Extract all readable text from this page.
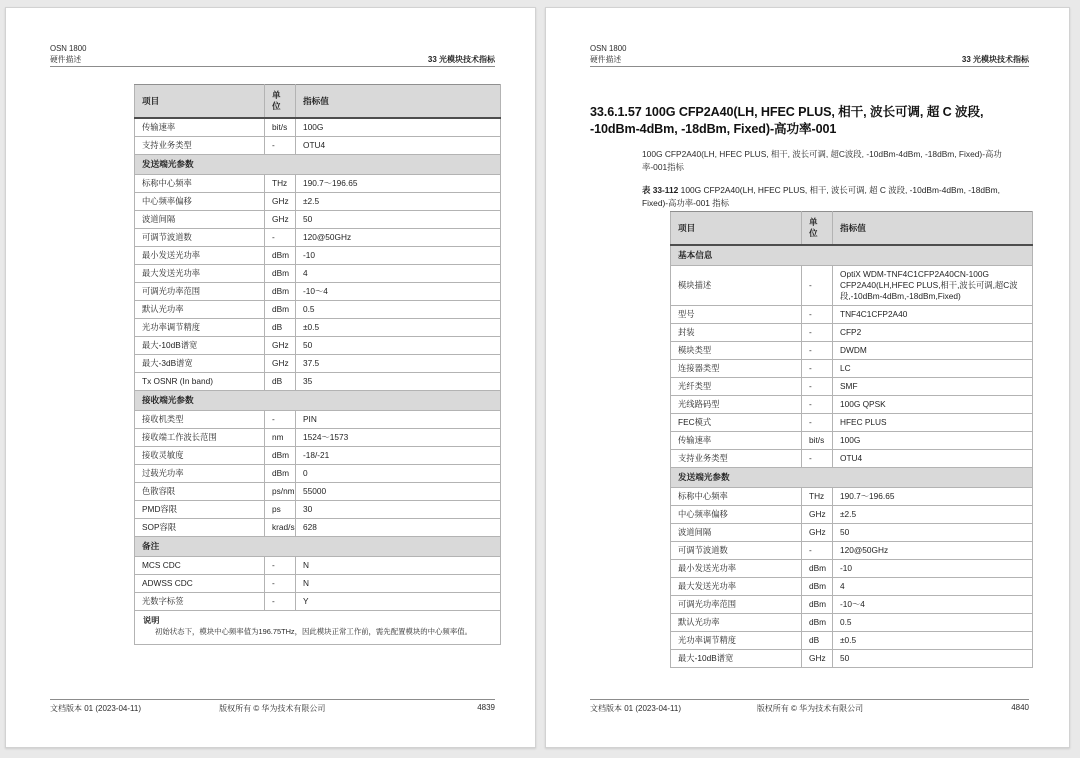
OSN 1800
硬件描述	33 光模块技术指标
项目	单位	指标值
传输速率	bit/s	100G
支持业务类型	-	OTU4
发送端光参数		
标称中心频率	THz	190.7～196.65
中心频率偏移	GHz	±2.5
波道间隔	GHz	50
可调节波道数	-	120@50GHz
最小发送光功率	dBm	-10
最大发送光功率	dBm	4
可调光功率范围	dBm	-10～4
默认光功率	dBm	0.5
光功率调节精度	dB	±0.5
最大-10dB谱宽	GHz	50
最大-3dB谱宽	GHz	37.5
Tx OSNR (In band)	dB	35
接收端光参数		
接收机类型	-	PIN
接收端工作波长范围	nm	1524～1573
接收灵敏度	dBm	-18/-21
过载光功率	dBm	0
色散容限	ps/nm	55000
PMD容限	ps	30
SOP容限	krad/s	628
备注		
MCS CDC	-	N
ADWSS CDC	-	N
光数字标签	-	Y

说明
初始状态下，模块中心频率值为196.75THz，因此模块正常工作前，需先配置模块的中心频率值。		
文档版本 01 (2023-04-11)	版权所有 © 华为技术有限公司	4839
OSN 1800
硬件描述	33 光模块技术指标
33.6.1.57 100G CFP2A40(LH, HFEC PLUS, 相干, 波长可调, 超 C 波段, -10dBm-4dBm, -18dBm, Fixed)-高功率-001
100G CFP2A40(LH, HFEC PLUS, 相干, 波长可调, 超C波段, -10dBm-4dBm, -18dBm, Fixed)-高功率-001指标
表 33-112 100G CFP2A40(LH, HFEC PLUS, 相干, 波长可调, 超 C 波段, -10dBm-4dBm, -18dBm, Fixed)-高功率-001 指标
项目	单位	指标值
基本信息		
模块描述	-	OptiX WDM-TNF4C1CFP2A40CN-100G CFP2A40(LH,HFEC PLUS,相干,波长可调,超C波段,-10dBm-4dBm,-18dBm,Fixed)
型号	-	TNF4C1CFP2A40
封装	-	CFP2
模块类型	-	DWDM
连接器类型	-	LC
光纤类型	-	SMF
光线路码型	-	100G QPSK
FEC模式	-	HFEC PLUS
传输速率	bit/s	100G
支持业务类型	-	OTU4
发送端光参数		
标称中心频率	THz	190.7～196.65
中心频率偏移	GHz	±2.5
波道间隔	GHz	50
可调节波道数	-	120@50GHz
最小发送光功率	dBm	-10
最大发送光功率	dBm	4
可调光功率范围	dBm	-10～4
默认光功率	dBm	0.5
光功率调节精度	dB	±0.5
最大-10dB谱宽	GHz	50
文档版本 01 (2023-04-11)	版权所有 © 华为技术有限公司	4840
